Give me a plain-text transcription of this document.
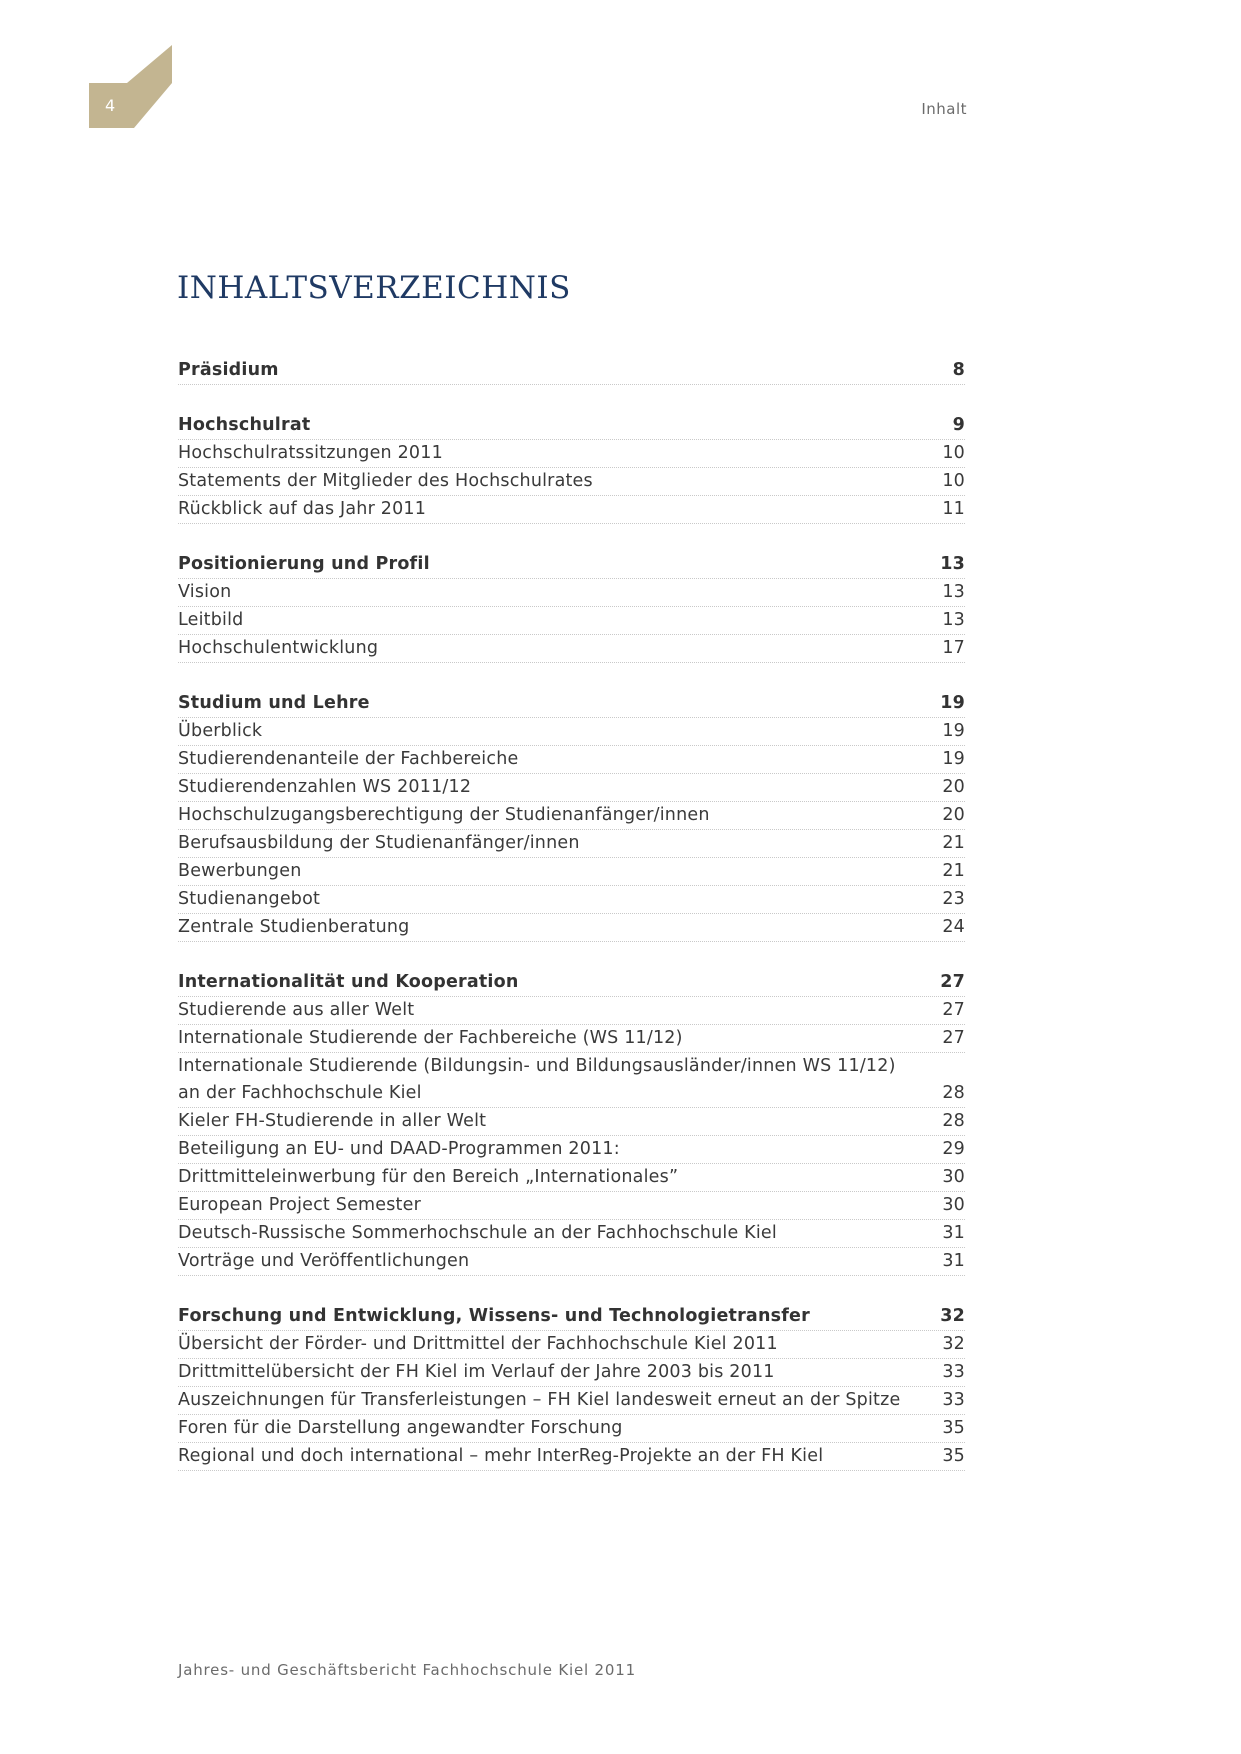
4	Inhalt
INHALTSVERZEICHNIS
Präsidium	8
Hochschulrat	9
Hochschulratssitzungen 2011	10
Statements der Mitglieder des Hochschulrates	10
Rückblick auf das Jahr 2011	11
Positionierung und Profil	13
Vision	13
Leitbild	13
Hochschulentwicklung	17
Studium und Lehre	19
Überblick	19
Studierendenanteile der Fachbereiche	19
Studierendenzahlen WS 2011/12	20
Hochschulzugangsberechtigung der Studienanfänger/innen	20
Berufsausbildung der Studienanfänger/innen	21
Bewerbungen	21
Studienangebot	23
Zentrale Studienberatung	24
Internationalität und Kooperation	27
Studierende aus aller Welt	27
Internationale Studierende der Fachbereiche (WS 11/12)	27
Internationale Studierende (Bildungsin- und Bildungsausländer/innen WS 11/12)
an der Fachhochschule Kiel	28
Kieler FH-Studierende in aller Welt	28
Beteiligung an EU- und DAAD-Programmen 2011:	29
Drittmitteleinwerbung für den Bereich „Internationales”	30
European Project Semester	30
Deutsch-Russische Sommerhochschule an der Fachhochschule Kiel	31
Vorträge und Veröffentlichungen	31
Forschung und Entwicklung, Wissens- und Technologietransfer	32
Übersicht der Förder- und Drittmittel der Fachhochschule Kiel 2011	32
Drittmittelübersicht der FH Kiel im Verlauf der Jahre 2003 bis 2011	33
Auszeichnungen für Transferleistungen – FH Kiel landesweit erneut an der Spitze	33
Foren für die Darstellung angewandter Forschung	35
Regional und doch international – mehr InterReg-Projekte an der FH Kiel	35
Jahres- und Geschäftsbericht Fachhochschule Kiel 2011
